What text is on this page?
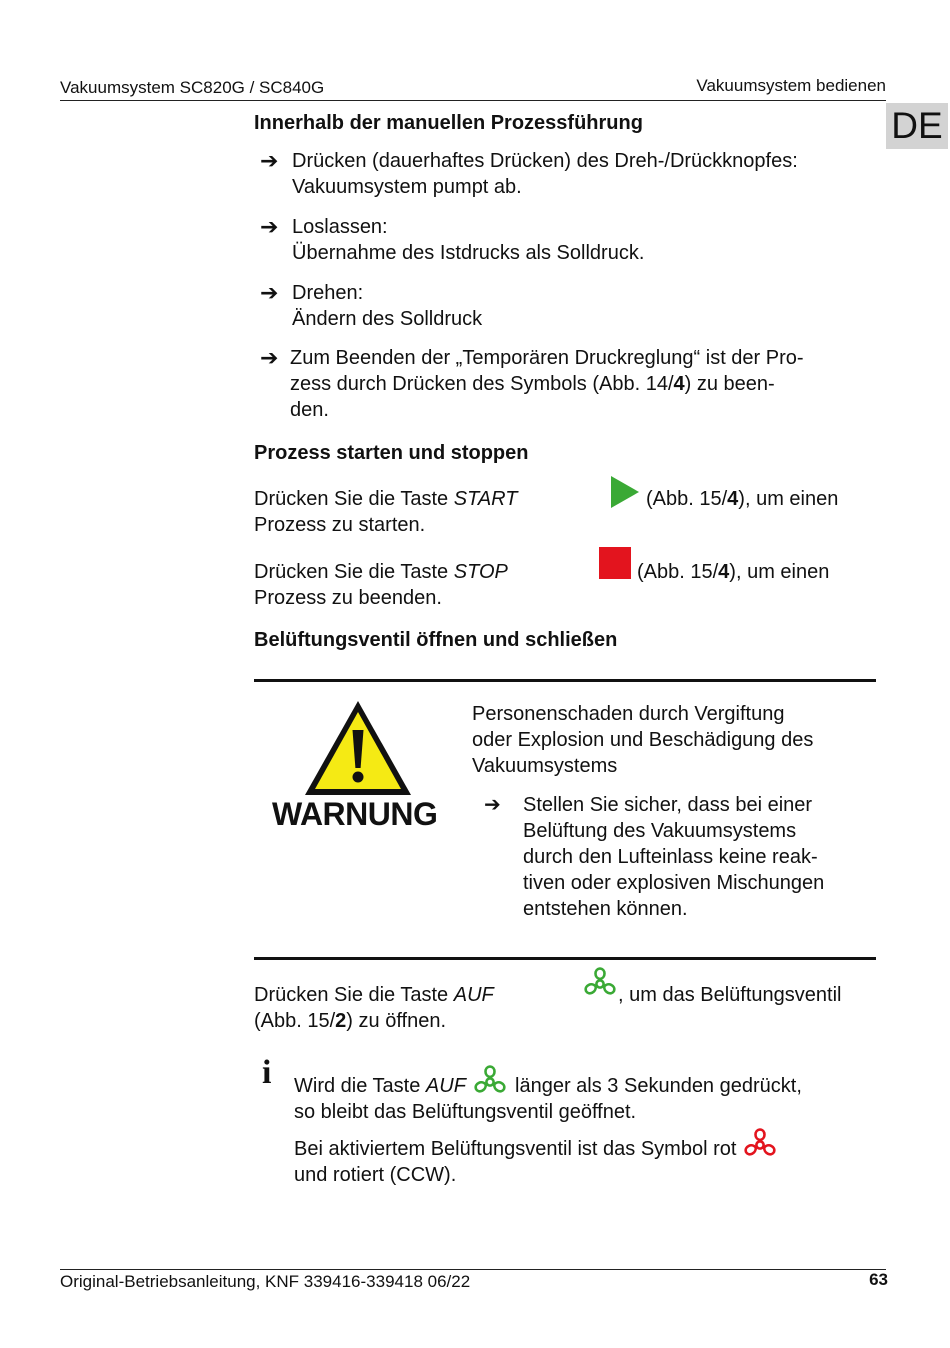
Vakuumsystem SC820G / SC840G	Vakuumsystem bedienen
DE
Innerhalb der manuellen Prozessführung
➔ Drücken (dauerhaftes Drücken) des Dreh-/Drückknopfes:
Vakuumsystem pumpt ab.
➔ Loslassen:
Übernahme des Istdrucks als Solldruck.
➔ Drehen:
Ändern des Solldruck
➔ Zum Beenden der „Temporären Druckreglung“ ist der Pro-
zess durch Drücken des Symbols (Abb. 14/4) zu been-
den.
Prozess starten und stoppen
Drücken Sie die Taste START	(Abb. 15/4), um einen

Prozess zu starten.
Drücken Sie die Taste STOP	(Abb. 15/4), um einen

Prozess zu beenden.
Belüftungsventil öffnen und schließen
WARNUNG
Personenschaden durch Vergiftung
oder Explosion und Beschädigung des
Vakuumsystems
➔ Stellen Sie sicher, dass bei einer
Belüftung des Vakuumsystems
durch den Lufteinlass keine reak-
tiven oder explosiven Mischungen
entstehen können.
Drücken Sie die Taste AUF	, um das Belüftungsventil

(Abb. 15/2) zu öffnen.
i Wird die Taste AUF  länger als 3 Sekunden gedrückt,
so bleibt das Belüftungsventil geöffnet.
Bei aktiviertem Belüftungsventil ist das Symbol rot
und rotiert (CCW).
Original-Betriebsanleitung, KNF 339416-339418 06/22	63
